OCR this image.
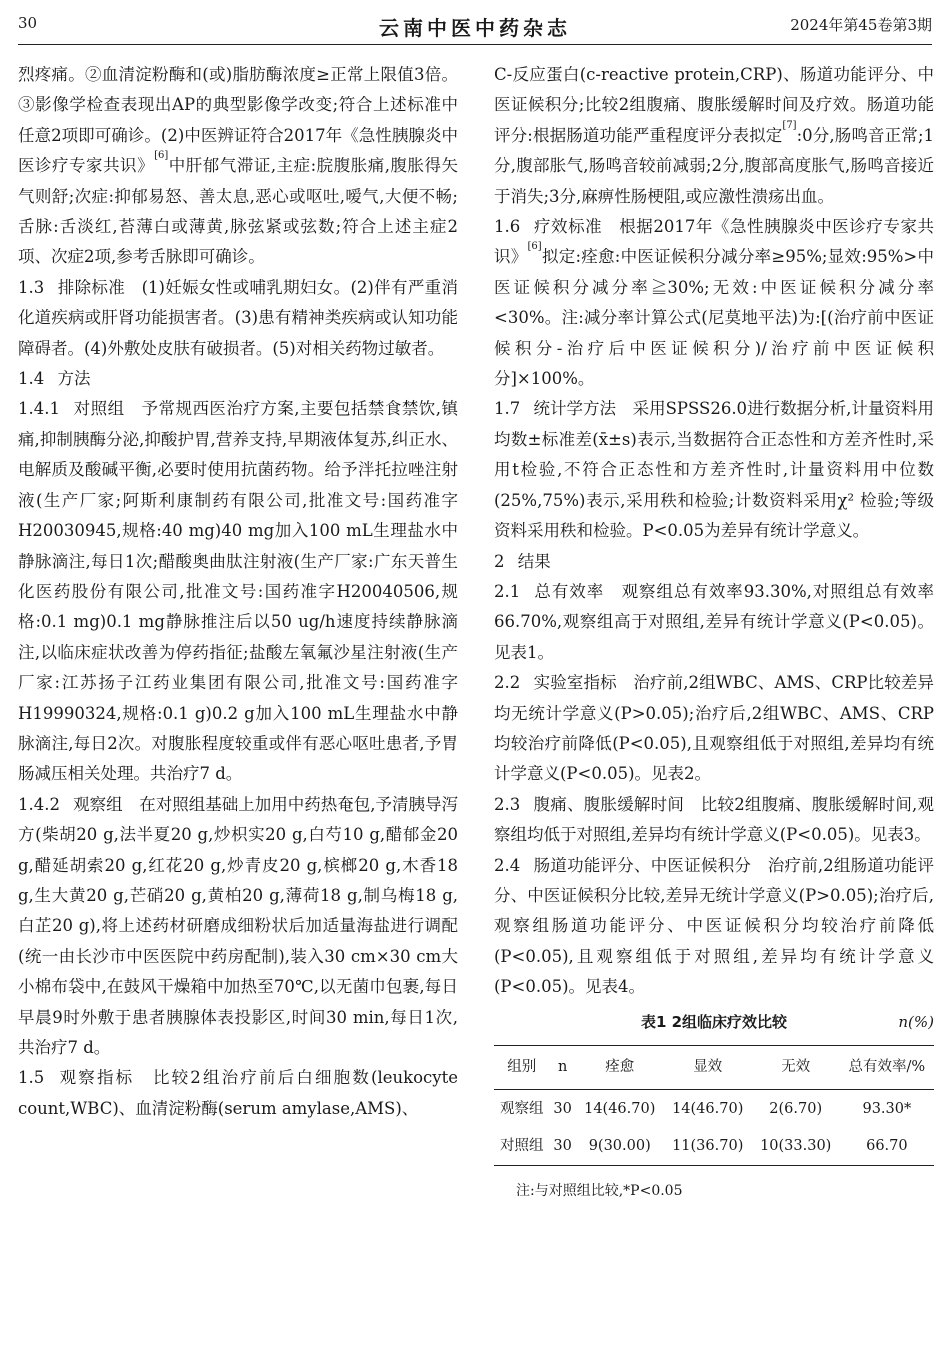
30	云南中医中药杂志	2024年第45卷第3期

烈疼痛。②血清淀粉酶和(或)脂肪酶浓度≥正常上限值3倍。③影像学检查表现出AP的典型影像学改变;符合上述标准中任意2项即可确诊。(2)中医辨证符合2017年《急性胰腺炎中医诊疗专家共识》[6]中肝郁气滞证,主症:脘腹胀痛,腹胀得矢气则舒;次症:抑郁易怒、善太息,恶心或呕吐,嗳气,大便不畅;舌脉:舌淡红,苔薄白或薄黄,脉弦紧或弦数;符合上述主症2项、次症2项,参考舌脉即可确诊。

1.3 排除标准  (1)妊娠女性或哺乳期妇女。(2)伴有严重消化道疾病或肝肾功能损害者。(3)患有精神类疾病或认知功能障碍者。(4)外敷处皮肤有破损者。(5)对相关药物过敏者。

1.4 方法 

1.4.1 对照组  予常规西医治疗方案,主要包括禁食禁饮,镇痛,抑制胰酶分泌,抑酸护胃,营养支持,早期液体复苏,纠正水、电解质及酸碱平衡,必要时使用抗菌药物。给予泮托拉唑注射液(生产厂家;阿斯利康制药有限公司,批准文号:国药准字H20030945,规格:40 mg)40 mg加入100 mL生理盐水中静脉滴注,每日1次;醋酸奥曲肽注射液(生产厂家:广东天普生化医药股份有限公司,批准文号:国药准字H20040506,规格:0.1 mg)0.1 mg静脉推注后以50 ug/h速度持续静脉滴注,以临床症状改善为停药指征;盐酸左氧氟沙星注射液(生产厂家:江苏扬子江药业集团有限公司,批准文号:国药准字H19990324,规格:0.1 g)0.2 g加入100 mL生理盐水中静脉滴注,每日2次。对腹胀程度较重或伴有恶心呕吐患者,予胃肠减压相关处理。共治疗7 d。

1.4.2 观察组  在对照组基础上加用中药热奄包,予清胰导泻方(柴胡20 g,法半夏20 g,炒枳实20 g,白芍10 g,醋郁金20 g,醋延胡索20 g,红花20 g,炒青皮20 g,槟榔20 g,木香18 g,生大黄20 g,芒硝20 g,黄柏20 g,薄荷18 g,制乌梅18 g,白芷20 g),将上述药材研磨成细粉状后加适量海盐进行调配(统一由长沙市中医医院中药房配制),装入30 cm×30 cm大小棉布袋中,在鼓风干燥箱中加热至70℃,以无菌巾包裹,每日早晨9时外敷于患者胰腺体表投影区,时间30 min,每日1次,共治疗7 d。

1.5 观察指标  比较2组治疗前后白细胞数(leukocyte count,WBC)、血清淀粉酶(serum amylase,AMS)、

C-反应蛋白(c-reactive protein,CRP)、肠道功能评分、中医证候积分;比较2组腹痛、腹胀缓解时间及疗效。肠道功能评分:根据肠道功能严重程度评分表拟定[7]:0分,肠鸣音正常;1分,腹部胀气,肠鸣音较前减弱;2分,腹部高度胀气,肠鸣音接近于消失;3分,麻痹性肠梗阻,或应激性溃疡出血。

1.6 疗效标准  根据2017年《急性胰腺炎中医诊疗专家共识》[6]拟定:痊愈:中医证候积分减分率≥95%;显效:95%>中医证候积分减分率≧30%;无效:中医证候积分减分率<30%。注:减分率计算公式(尼莫地平法)为:[(治疗前中医证候积分-治疗后中医证候积分)/治疗前中医证候积分]×100%。

1.7 统计学方法  采用SPSS26.0进行数据分析,计量资料用均数±标准差(x̄±s)表示,当数据符合正态性和方差齐性时,采用t检验,不符合正态性和方差齐性时,计量资料用中位数(25%,75%)表示,采用秩和检验;计数资料采用χ² 检验;等级资料采用秩和检验。P<0.05为差异有统计学意义。

2 结果 

2.1 总有效率  观察组总有效率93.30%,对照组总有效率66.70%,观察组高于对照组,差异有统计学意义(P<0.05)。见表1。

2.2 实验室指标  治疗前,2组WBC、AMS、CRP比较差异均无统计学意义(P>0.05);治疗后,2组WBC、AMS、CRP均较治疗前降低(P<0.05),且观察组低于对照组,差异均有统计学意义(P<0.05)。见表2。

2.3 腹痛、腹胀缓解时间  比较2组腹痛、腹胀缓解时间,观察组均低于对照组,差异均有统计学意义(P<0.05)。见表3。

2.4 肠道功能评分、中医证候积分  治疗前,2组肠道功能评分、中医证候积分比较,差异无统计学意义(P>0.05);治疗后,观察组肠道功能评分、中医证候积分均较治疗前降低(P<0.05),且观察组低于对照组,差异均有统计学意义(P<0.05)。见表4。

表1 2组临床疗效比较	n(%)
组别	n	痊愈	显效	无效	总有效率/%
观察组	30	14(46.70)	14(46.70)	2(6.70)	93.30*
对照组	30	9(30.00)	11(36.70)	10(33.30)	66.70
注:与对照组比较,*P<0.05
